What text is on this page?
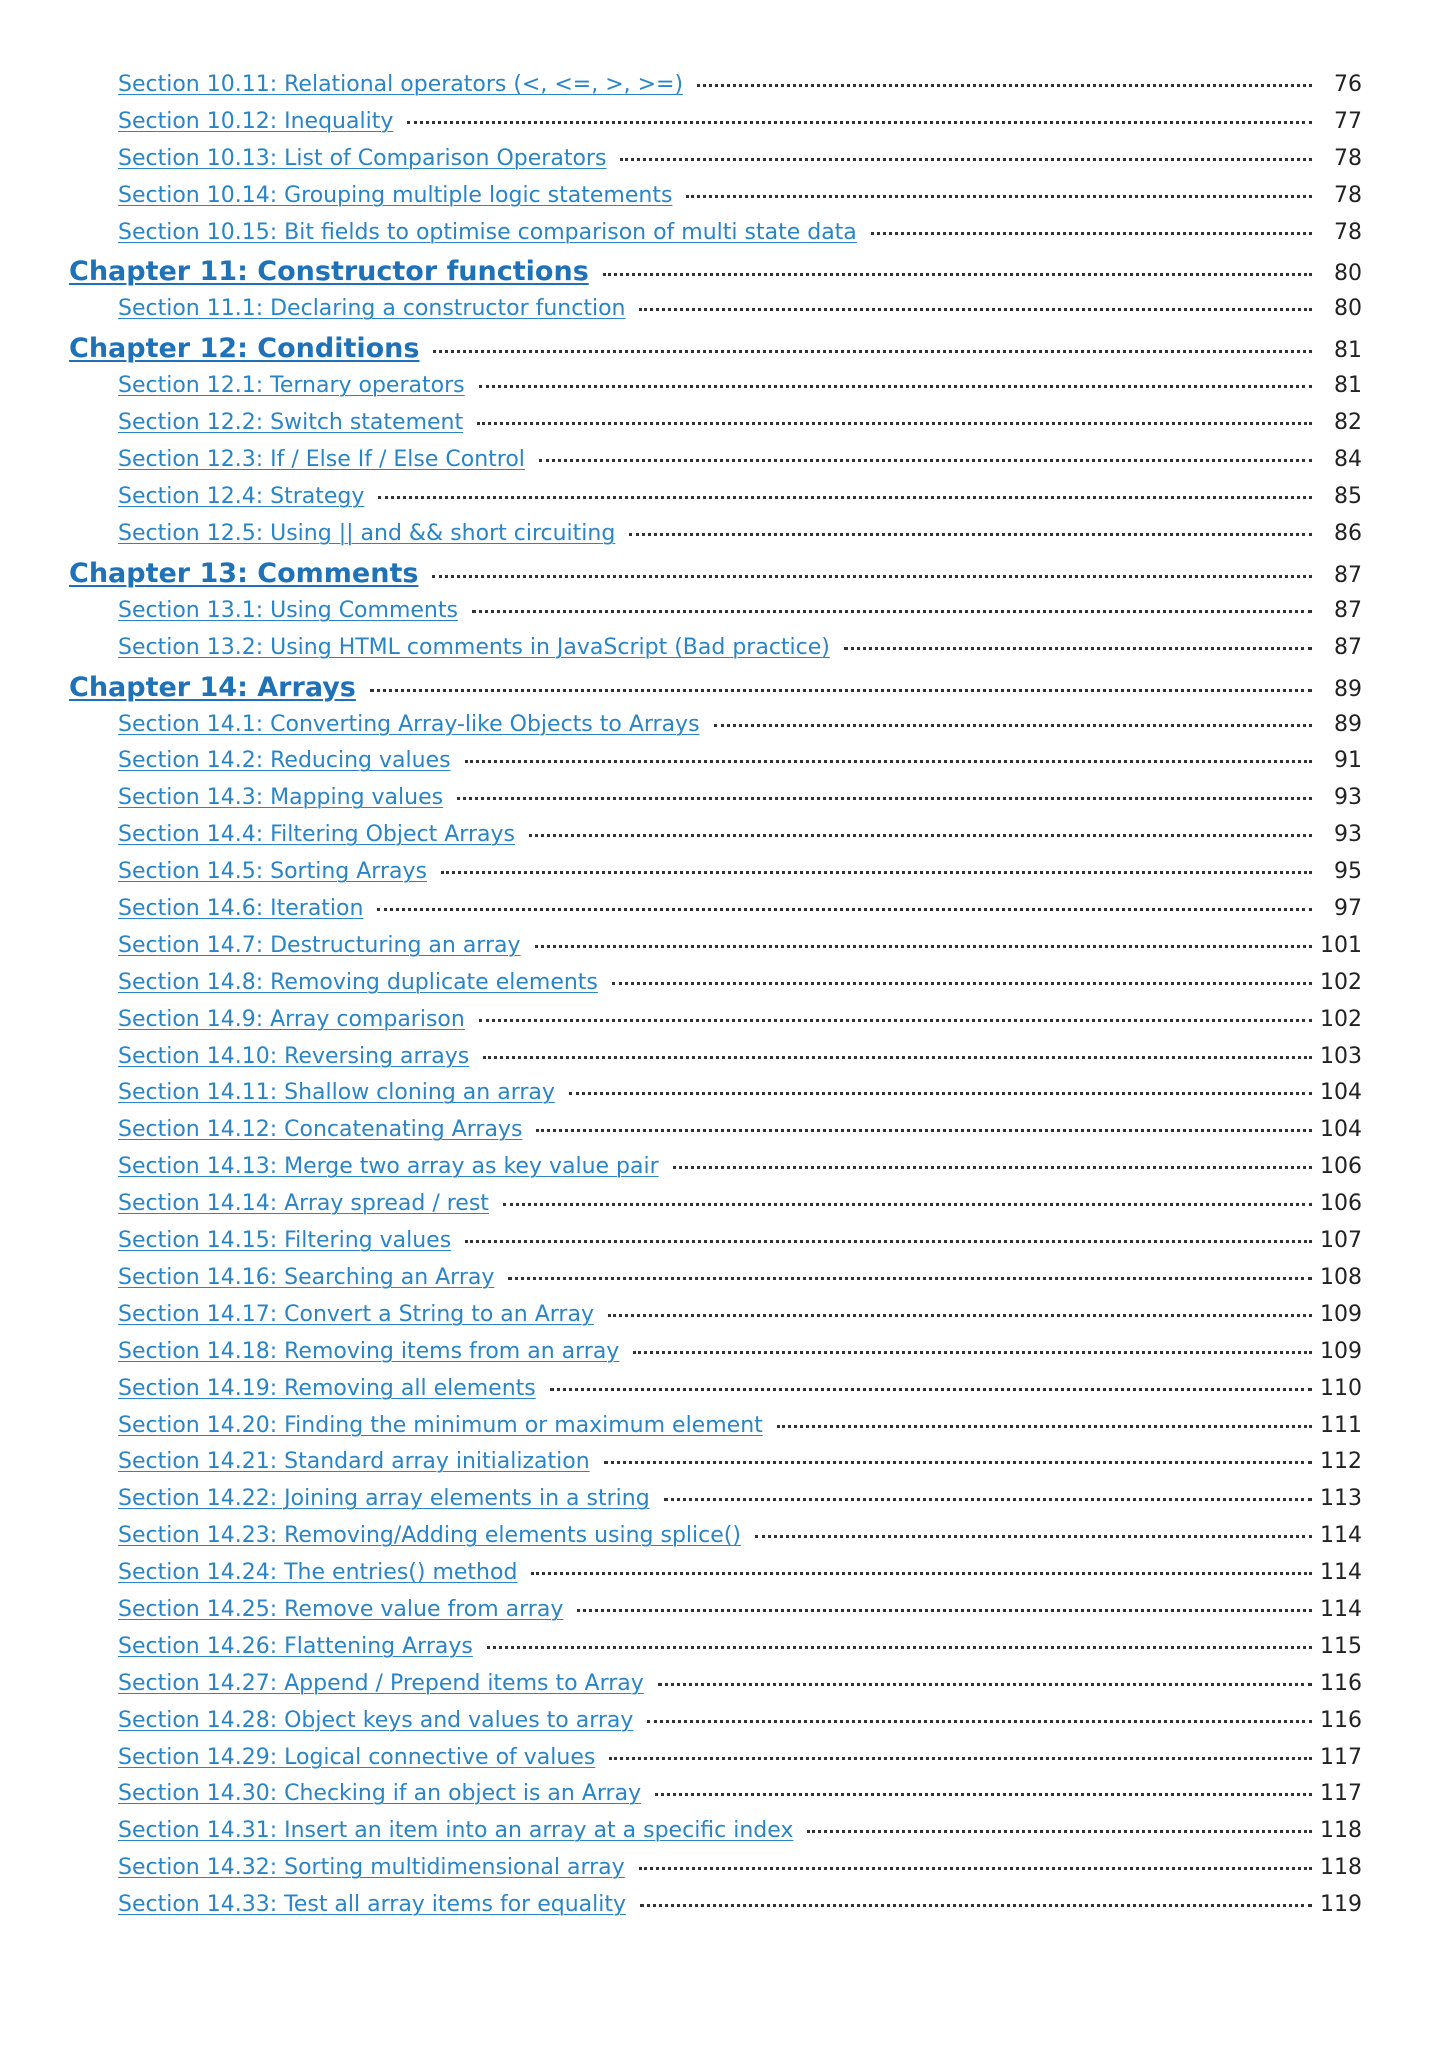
Section 10.11: Relational operators (<, <=, >, >=)	76
Section 10.12: Inequality	77
Section 10.13: List of Comparison Operators	78
Section 10.14: Grouping multiple logic statements	78
Section 10.15: Bit fields to optimise comparison of multi state data	78
Chapter 11: Constructor functions	80
Section 11.1: Declaring a constructor function	80
Chapter 12: Conditions	81
Section 12.1: Ternary operators	81
Section 12.2: Switch statement	82
Section 12.3: If / Else If / Else Control	84
Section 12.4: Strategy	85
Section 12.5: Using || and && short circuiting	86
Chapter 13: Comments	87
Section 13.1: Using Comments	87
Section 13.2: Using HTML comments in JavaScript (Bad practice)	87
Chapter 14: Arrays	89
Section 14.1: Converting Array-like Objects to Arrays	89
Section 14.2: Reducing values	91
Section 14.3: Mapping values	93
Section 14.4: Filtering Object Arrays	93
Section 14.5: Sorting Arrays	95
Section 14.6: Iteration	97
Section 14.7: Destructuring an array	101
Section 14.8: Removing duplicate elements	102
Section 14.9: Array comparison	102
Section 14.10: Reversing arrays	103
Section 14.11: Shallow cloning an array	104
Section 14.12: Concatenating Arrays	104
Section 14.13: Merge two array as key value pair	106
Section 14.14: Array spread / rest	106
Section 14.15: Filtering values	107
Section 14.16: Searching an Array	108
Section 14.17: Convert a String to an Array	109
Section 14.18: Removing items from an array	109
Section 14.19: Removing all elements	110
Section 14.20: Finding the minimum or maximum element	111
Section 14.21: Standard array initialization	112
Section 14.22: Joining array elements in a string	113
Section 14.23: Removing/Adding elements using splice()	114
Section 14.24: The entries() method	114
Section 14.25: Remove value from array	114
Section 14.26: Flattening Arrays	115
Section 14.27: Append / Prepend items to Array	116
Section 14.28: Object keys and values to array	116
Section 14.29: Logical connective of values	117
Section 14.30: Checking if an object is an Array	117
Section 14.31: Insert an item into an array at a specific index	118
Section 14.32: Sorting multidimensional array	118
Section 14.33: Test all array items for equality	119
